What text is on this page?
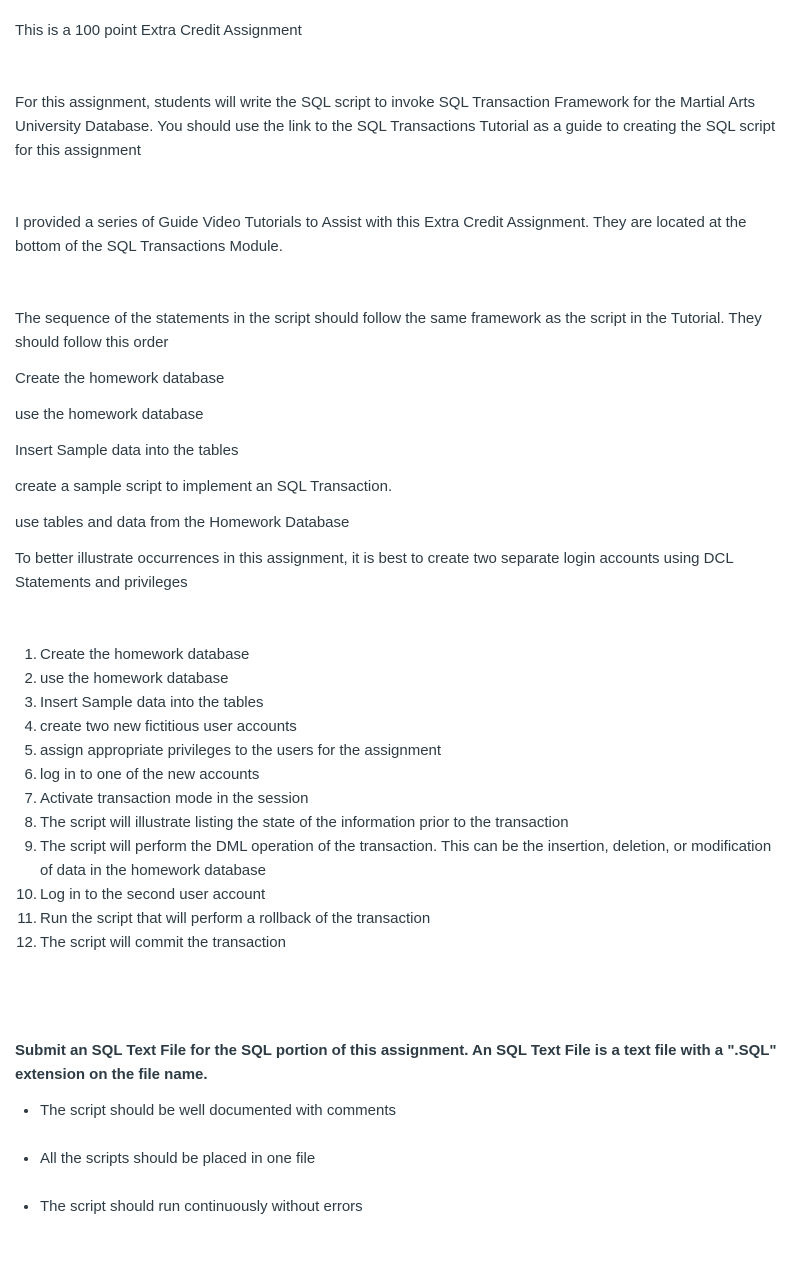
This is a 100 point Extra Credit Assignment

For this assignment, students will write the SQL script to invoke SQL Transaction Framework for the Martial Arts University Database. You should use the link to the SQL Transactions Tutorial as a guide to creating the SQL script for this assignment

I provided a series of Guide Video Tutorials to Assist with this Extra Credit Assignment. They are located at the bottom of the SQL Transactions Module.

The sequence of the statements in the script should follow the same framework as the script in the Tutorial. They should follow this order

Create the homework database

use the homework database

Insert Sample data into the tables

create a sample script to implement an SQL Transaction.

use tables and data from the Homework Database

To better illustrate occurrences in this assignment, it is best to create two separate login accounts using DCL Statements and privileges

1. Create the homework database
2. use the homework database
3. Insert Sample data into the tables
4. create two new fictitious user accounts
5. assign appropriate privileges to the users for the assignment
6. log in to one of the new accounts
7. Activate transaction mode in the session
8. The script will illustrate listing the state of the information prior to the transaction
9. The script will perform the DML operation of the transaction. This can be the insertion, deletion, or modification of data in the homework database
10. Log in to the second user account
11. Run the script that will perform a rollback of the transaction
12. The script will commit the transaction

Submit an SQL Text File for the SQL portion of this assignment. An SQL Text File is a text file with a ".SQL" extension on the file name.

The script should be well documented with comments
All the scripts should be placed in one file
The script should run continuously without errors
